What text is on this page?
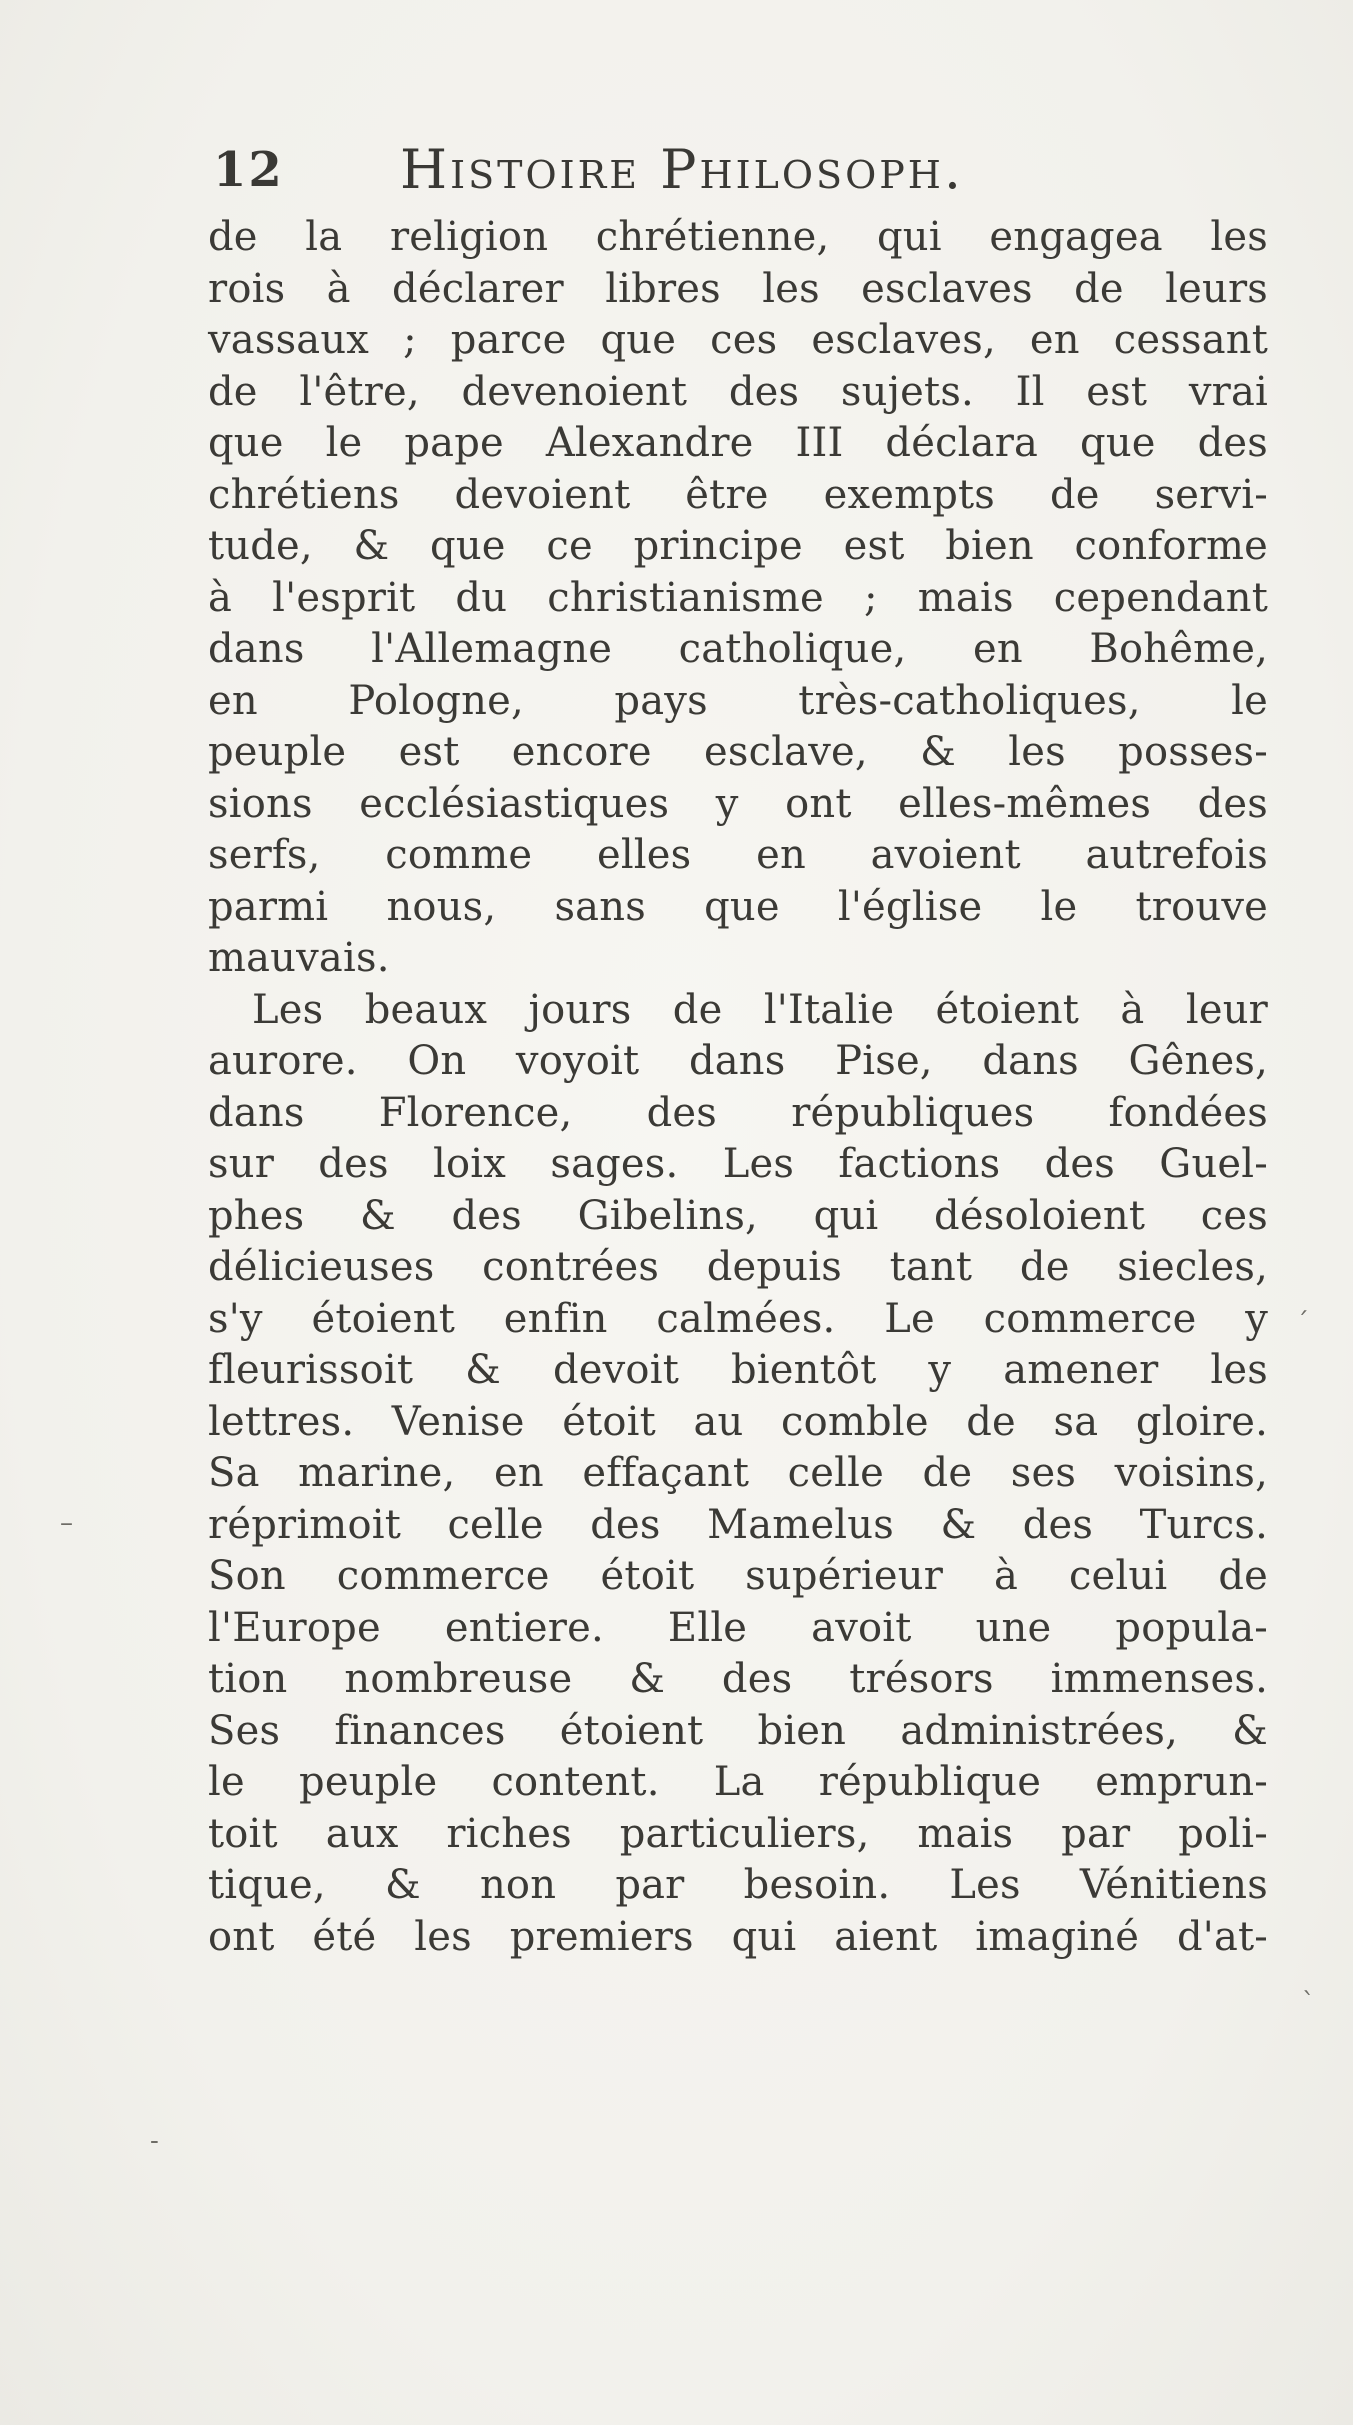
12 Histoire Philosoph.
de la religion chrétienne, qui engagea les
rois à déclarer libres les esclaves de leurs
vassaux ; parce que ces esclaves, en cessant
de l'être, devenoient des sujets. Il est vrai
que le pape Alexandre III déclara que des
chrétiens devoient être exempts de servi-
tude, & que ce principe est bien conforme
à l'esprit du christianisme ; mais cependant
dans l'Allemagne catholique, en Bohême,
en Pologne, pays très-catholiques, le
peuple est encore esclave, & les posses-
sions ecclésiastiques y ont elles-mêmes des
serfs, comme elles en avoient autrefois
parmi nous, sans que l'église le trouve
mauvais.
Les beaux jours de l'Italie étoient à leur
aurore. On voyoit dans Pise, dans Gênes,
dans Florence, des républiques fondées
sur des loix sages. Les factions des Guel-
phes & des Gibelins, qui désoloient ces
délicieuses contrées depuis tant de siecles,
s'y étoient enfin calmées. Le commerce y
fleurissoit & devoit bientôt y amener les
lettres. Venise étoit au comble de sa gloire.
Sa marine, en effaçant celle de ses voisins,
réprimoit celle des Mamelus & des Turcs.
Son commerce étoit supérieur à celui de
l'Europe entiere. Elle avoit une popula-
tion nombreuse & des trésors immenses.
Ses finances étoient bien administrées, &
le peuple content. La république emprun-
toit aux riches particuliers, mais par poli-
tique, & non par besoin. Les Vénitiens
ont été les premiers qui aient imaginé d'at-
´
–
ˋ
-
